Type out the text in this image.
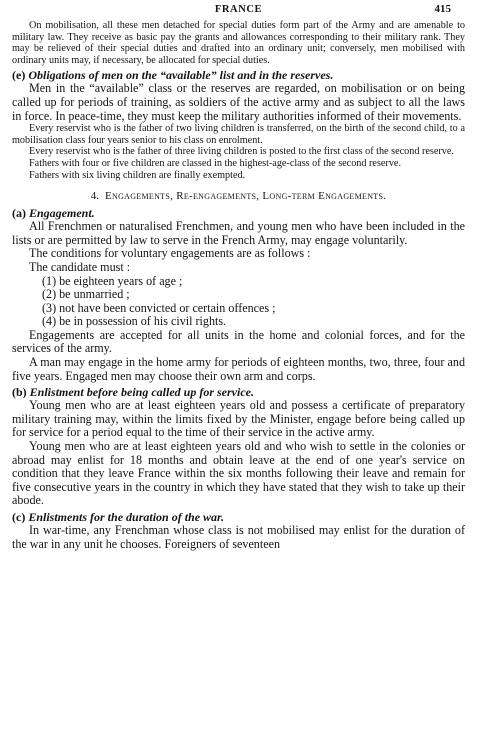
FRANCE	415

On mobilisation, all these men detached for special duties form part of the Army and are amenable to military law. They receive as basic pay the grants and allowances corresponding to their military rank. They may be relieved of their special duties and drafted into an ordinary unit; conversely, men mobilised with ordinary units may, if necessary, be allocated for special duties.

(e) Obligations of men on the “available” list and in the reserves.

Men in the “available” class or the reserves are regarded, on mobilisation or on being called up for periods of training, as soldiers of the active army and as subject to all the laws in force. In peace-time, they must keep the military authorities informed of their movements.

Every reservist who is the father of two living children is transferred, on the birth of the second child, to a mobilisation class four years senior to his class on enrolment.

Every reservist who is the father of three living children is posted to the first class of the second reserve.

Fathers with four or five children are classed in the highest-age-class of the second reserve.

Fathers with six living children are finally exempted.

4. Engagements, Re-engagements, Long-term Engagements.
(a) Engagement.

All Frenchmen or naturalised Frenchmen, and young men who have been included in the lists or are permitted by law to serve in the French Army, may engage voluntarily.

The conditions for voluntary engagements are as follows :

The candidate must :

(1) be eighteen years of age ;

(2) be unmarried ;

(3) not have been convicted or certain offences ;

(4) be in possession of his civil rights.

Engagements are accepted for all units in the home and colonial forces, and for the services of the army.

A man may engage in the home army for periods of eighteen months, two, three, four and five years. Engaged men may choose their own arm and corps.

(b) Enlistment before being called up for service.

Young men who are at least eighteen years old and possess a certificate of preparatory military training may, within the limits fixed by the Minister, engage before being called up for service for a period equal to the time of their service in the active army.

Young men who are at least eighteen years old and who wish to settle in the colonies or abroad may enlist for 18 months and obtain leave at the end of one year's service on condition that they leave France within the six months following their leave and remain for five consecutive years in the country in which they have stated that they wish to take up their abode.

(c) Enlistments for the duration of the war.

In war-time, any Frenchman whose class is not mobilised may enlist for the duration of the war in any unit he chooses. Foreigners of seventeen
